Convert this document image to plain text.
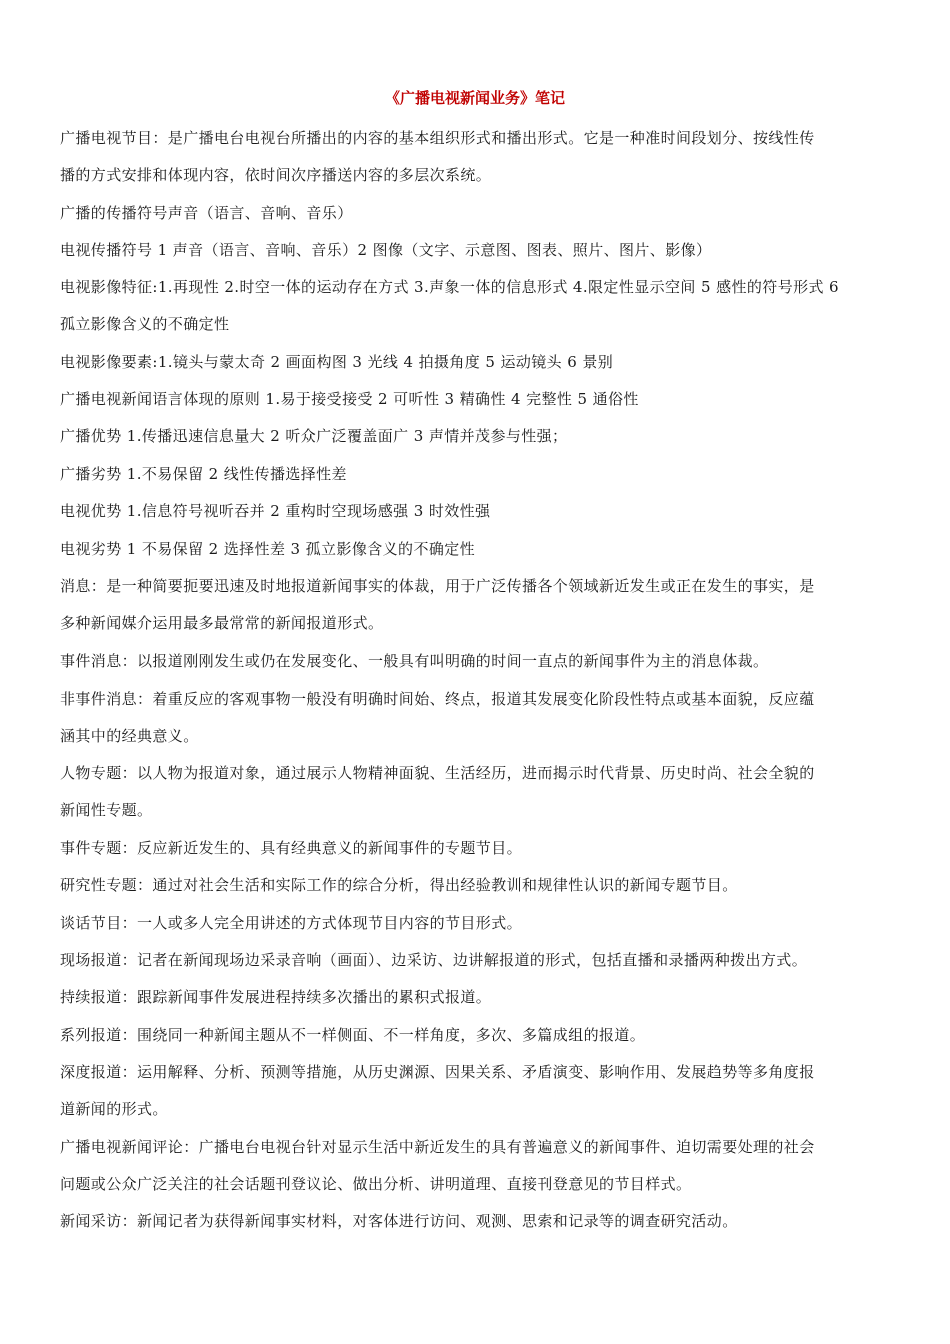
《广播电视新闻业务》笔记
广播电视节目：是广播电台电视台所播出的内容的基本组织形式和播出形式。它是一种准时间段划分、按线性传
播的方式安排和体现内容，依时间次序播送内容的多层次系统。
广播的传播符号声音（语言、音响、音乐）
电视传播符号 1 声音（语言、音响、音乐）2 图像（文字、示意图、图表、照片、图片、影像）
电视影像特征:1.再现性 2.时空一体的运动存在方式 3.声象一体的信息形式 4.限定性显示空间 5 感性的符号形式 6
孤立影像含义的不确定性
电视影像要素:1.镜头与蒙太奇 2 画面构图 3 光线 4 拍摄角度 5 运动镜头 6 景别
广播电视新闻语言体现的原则 1.易于接受接受 2 可听性 3 精确性 4 完整性 5 通俗性
广播优势 1.传播迅速信息量大 2 听众广泛覆盖面广 3 声情并茂参与性强；
广播劣势 1.不易保留 2 线性传播选择性差
电视优势 1.信息符号视听吞并 2 重构时空现场感强 3 时效性强
电视劣势 1 不易保留 2 选择性差 3 孤立影像含义的不确定性
消息：是一种简要扼要迅速及时地报道新闻事实的体裁，用于广泛传播各个领域新近发生或正在发生的事实，是
多种新闻媒介运用最多最常常的新闻报道形式。
事件消息：以报道刚刚发生或仍在发展变化、一般具有叫明确的时间一直点的新闻事件为主的消息体裁。
非事件消息：着重反应的客观事物一般没有明确时间始、终点，报道其发展变化阶段性特点或基本面貌，反应蕴
涵其中的经典意义。
人物专题：以人物为报道对象，通过展示人物精神面貌、生活经历，进而揭示时代背景、历史时尚、社会全貌的
新闻性专题。
事件专题：反应新近发生的、具有经典意义的新闻事件的专题节目。
研究性专题：通过对社会生活和实际工作的综合分析，得出经验教训和规律性认识的新闻专题节目。
谈话节目：一人或多人完全用讲述的方式体现节目内容的节目形式。
现场报道：记者在新闻现场边采录音响（画面）、边采访、边讲解报道的形式，包括直播和录播两种拨出方式。
持续报道：跟踪新闻事件发展进程持续多次播出的累积式报道。
系列报道：围绕同一种新闻主题从不一样侧面、不一样角度，多次、多篇成组的报道。
深度报道：运用解释、分析、预测等措施，从历史渊源、因果关系、矛盾演变、影响作用、发展趋势等多角度报
道新闻的形式。
广播电视新闻评论：广播电台电视台针对显示生活中新近发生的具有普遍意义的新闻事件、迫切需要处理的社会
问题或公众广泛关注的社会话题刊登议论、做出分析、讲明道理、直接刊登意见的节目样式。
新闻采访：新闻记者为获得新闻事实材料，对客体进行访问、观测、思索和记录等的调查研究活动。
